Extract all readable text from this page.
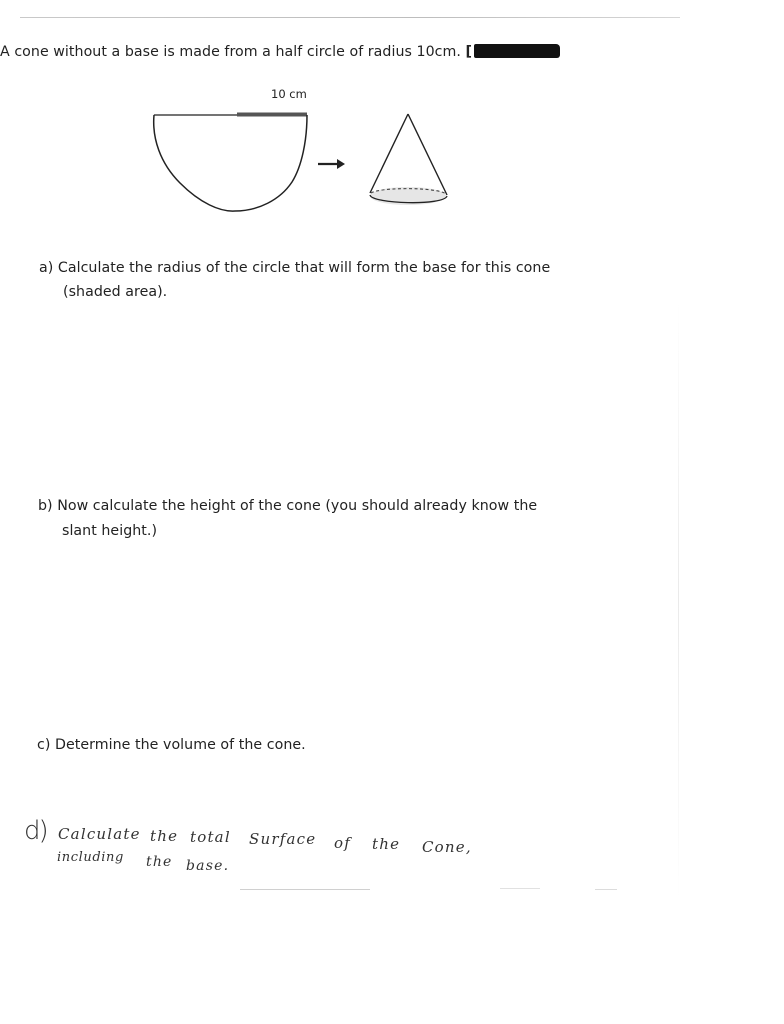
A cone without a base is made from a half circle of radius 10cm. [
10 cm
a) Calculate the radius of the circle that will form the base for this cone
(shaded area).
b) Now calculate the height of the cone (you should already know the
slant height.)
c) Determine the volume of the cone.
d) Calculate the total Surface of the Cone,
including the base.
